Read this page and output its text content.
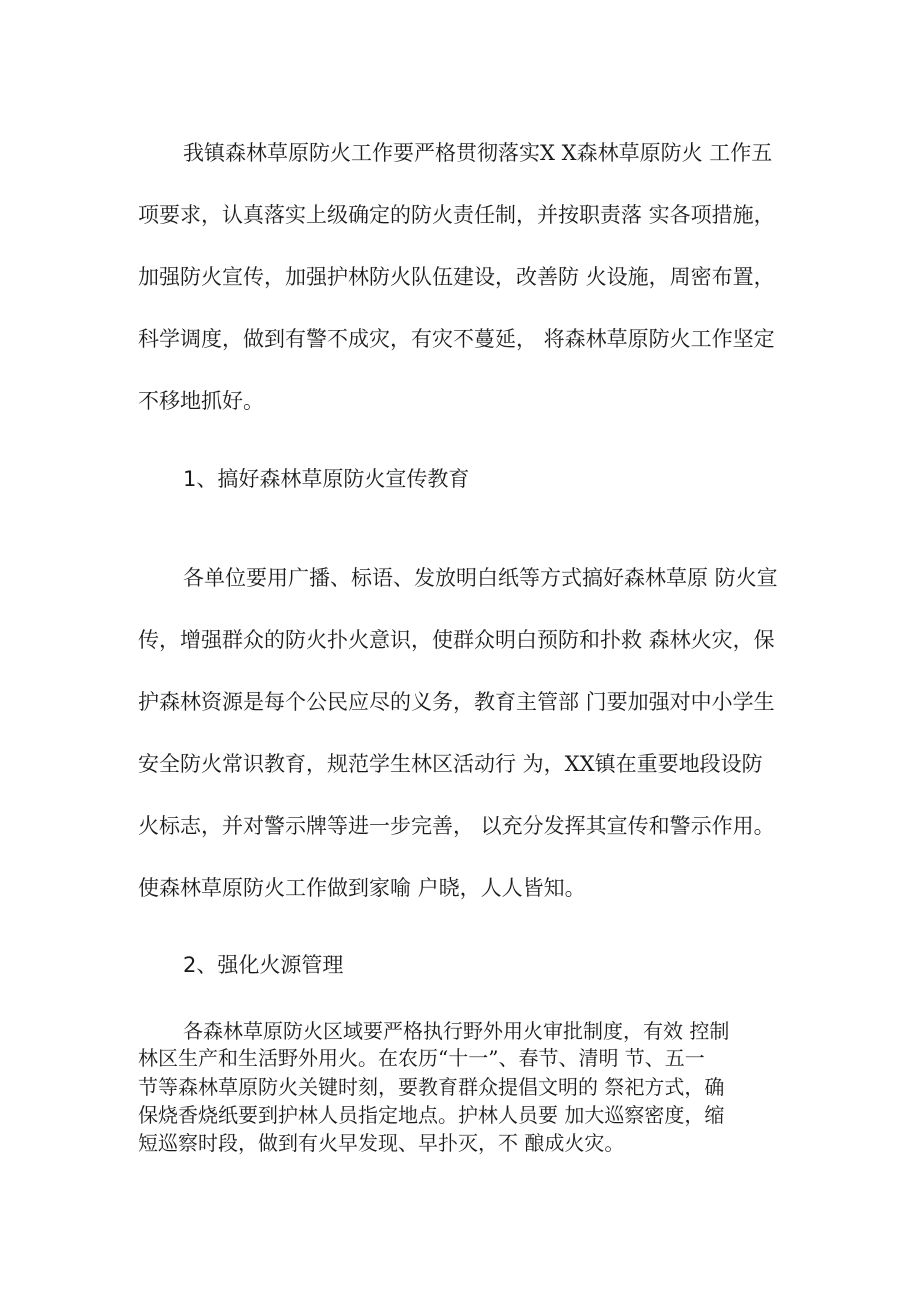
我镇森林草原防火工作要严格贯彻落实X X森林草原防火 工作五
项要求，认真落实上级确定的防火责任制，并按职责落 实各项措施，
加强防火宣传，加强护林防火队伍建设，改善防 火设施，周密布置，
科学调度，做到有警不成灾，有灾不蔓延， 将森林草原防火工作坚定
不移地抓好。
1、搞好森林草原防火宣传教育
各单位要用广播、标语、发放明白纸等方式搞好森林草原 防火宣
传，增强群众的防火扑火意识，使群众明白预防和扑救 森林火灾，保
护森林资源是每个公民应尽的义务，教育主管部 门要加强对中小学生
安全防火常识教育，规范学生林区活动行 为，XX镇在重要地段设防
火标志，并对警示牌等进一步完善， 以充分发挥其宣传和警示作用。
使森林草原防火工作做到家喻 户晓，人人皆知。
2、强化火源管理
各森林草原防火区域要严格执行野外用火审批制度，有效 控制
林区生产和生活野外用火。在农历“十一”、春节、清明 节、五一
节等森林草原防火关键时刻，要教育群众提倡文明的 祭祀方式，确
保烧香烧纸要到护林人员指定地点。护林人员要 加大巡察密度，缩
短巡察时段，做到有火早发现、早扑灭，不 酿成火灾。
